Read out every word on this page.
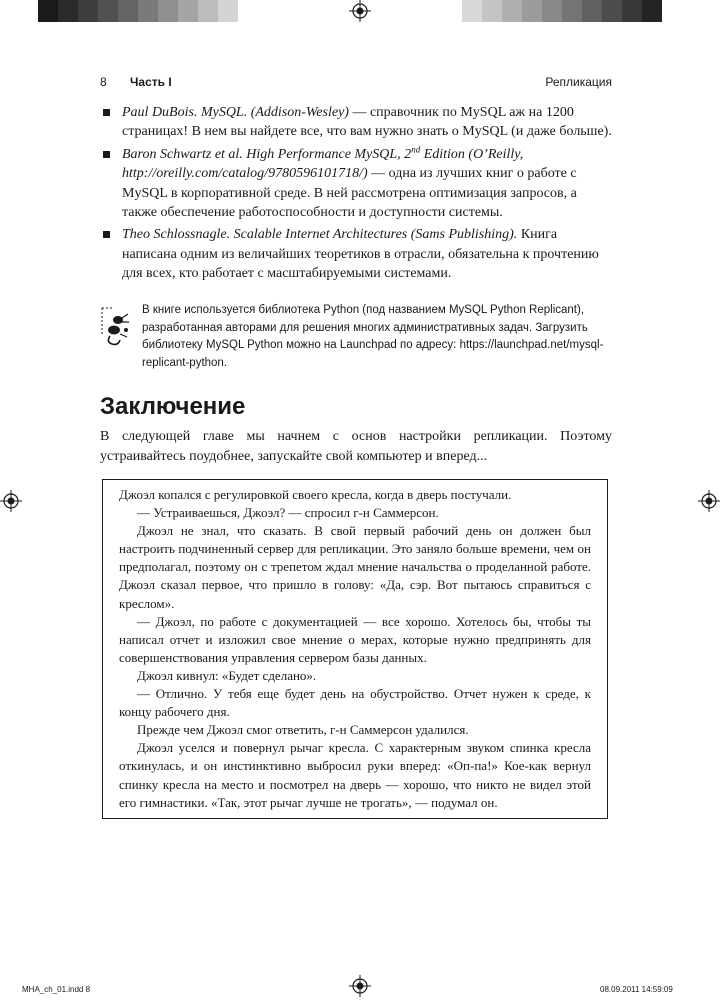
8 Часть I	Репликация
Paul DuBois. MySQL. (Addison-Wesley) — справочник по MySQL аж на 1200 страницах! В нем вы найдете все, что вам нужно знать о MySQL (и даже больше).
Baron Schwartz et al. High Performance MySQL, 2nd Edition (O’Reilly, http://oreilly.com/catalog/9780596101718/) — одна из лучших книг о работе с MySQL в корпоративной среде. В ней рассмотрена оптимизация запросов, а также обеспечение работоспособности и доступности системы.
Theo Schlossnagle. Scalable Internet Architectures (Sams Publishing). Книга написана одним из величайших теоретиков в отрасли, обязательна к прочтению для всех, кто работает с масштабируемыми системами.
В книге используется библиотека Python (под названием MySQL Python Replicant), разработанная авторами для решения многих административных задач. Загрузить библиотеку MySQL Python можно на Launchpad по адресу: https://launchpad.net/mysql-replicant-python.
Заключение

В следующей главе мы начнем с основ настройки репликации. Поэтому устраивайтесь поудобнее, запускайте свой компьютер и вперед...

Джоэл копался с регулировкой своего кресла, когда в дверь постучали.

— Устраиваешься, Джоэл? — спросил г-н Саммерсон.

Джоэл не знал, что сказать. В свой первый рабочий день он должен был настроить подчиненный сервер для репликации. Это заняло больше времени, чем он предполагал, поэтому он с трепетом ждал мнение начальства о проделанной работе. Джоэл сказал первое, что пришло в голову: «Да, сэр. Вот пытаюсь справиться с креслом».

— Джоэл, по работе с документацией — все хорошо. Хотелось бы, чтобы ты написал отчет и изложил свое мнение о мерах, которые нужно предпринять для совершенствования управления сервером базы данных.

Джоэл кивнул: «Будет сделано».

— Отлично. У тебя еще будет день на обустройство. Отчет нужен к среде, к концу рабочего дня.

Прежде чем Джоэл смог ответить, г-н Саммерсон удалился.

Джоэл уселся и повернул рычаг кресла. С характерным звуком спинка кресла откинулась, и он инстинктивно выбросил руки вперед: «Оп-па!» Кое-как вернул спинку кресла на место и посмотрел на дверь — хорошо, что никто не видел этой его гимнастики. «Так, этот рычаг лучше не трогать», — подумал он.

MHA_ch_01.indd 8	08.09.2011 14:59:09
